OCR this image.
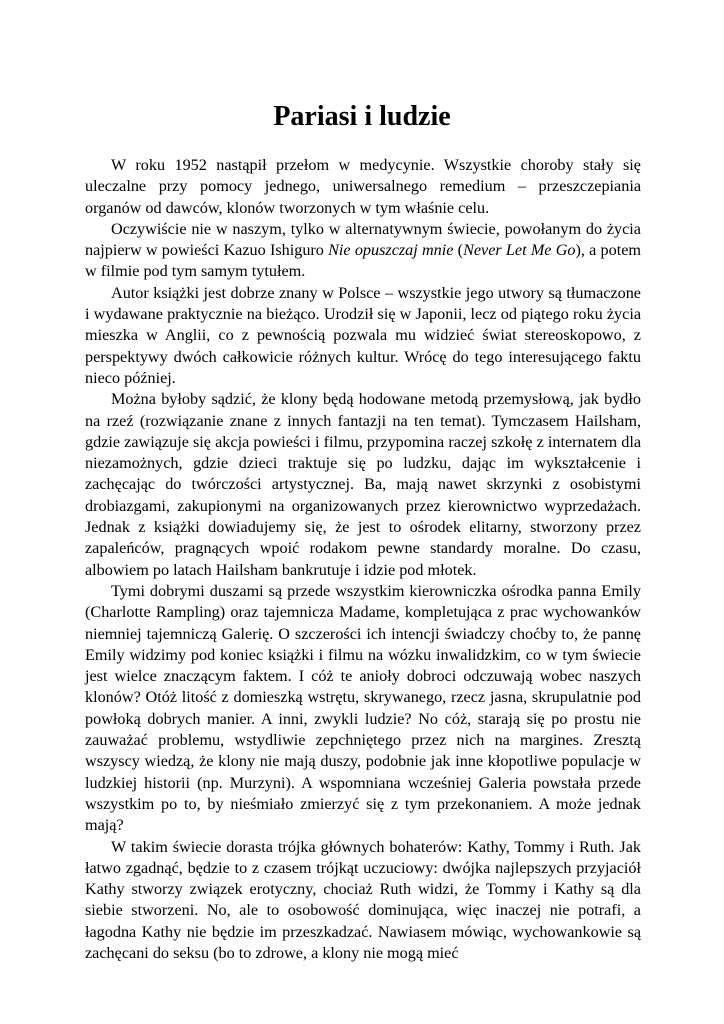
Pariasi i ludzie

W roku 1952 nastąpił przełom w medycynie. Wszystkie choroby stały się uleczalne przy pomocy jednego, uniwersalnego remedium – przeszczepiania organów od dawców, klonów tworzonych w tym właśnie celu.

Oczywiście nie w naszym, tylko w alternatywnym świecie, powołanym do życia najpierw w powieści Kazuo Ishiguro Nie opuszczaj mnie (Never Let Me Go), a potem w filmie pod tym samym tytułem.

Autor książki jest dobrze znany w Polsce – wszystkie jego utwory są tłumaczone i wydawane praktycznie na bieżąco. Urodził się w Japonii, lecz od piątego roku życia mieszka w Anglii, co z pewnością pozwala mu widzieć świat stereoskopowo, z perspektywy dwóch całkowicie różnych kultur. Wrócę do tego interesującego faktu nieco później.

Można byłoby sądzić, że klony będą hodowane metodą przemysłową, jak bydło na rzeź (rozwiązanie znane z innych fantazji na ten temat). Tymczasem Hailsham, gdzie zawiązuje się akcja powieści i filmu, przypomina raczej szkołę z internatem dla niezamożnych, gdzie dzieci traktuje się po ludzku, dając im wykształcenie i zachęcając do twórczości artystycznej. Ba, mają nawet skrzynki z osobistymi drobiazgami, zakupionymi na organizowanych przez kierownictwo wyprzedażach. Jednak z książki dowiadujemy się, że jest to ośrodek elitarny, stworzony przez zapaleńców, pragnących wpoić rodakom pewne standardy moralne. Do czasu, albowiem po latach Hailsham bankrutuje i idzie pod młotek.

Tymi dobrymi duszami są przede wszystkim kierowniczka ośrodka panna Emily (Charlotte Rampling) oraz tajemnicza Madame, kompletująca z prac wychowanków niemniej tajemniczą Galerię. O szczerości ich intencji świadczy choćby to, że pannę Emily widzimy pod koniec książki i filmu na wózku inwalidzkim, co w tym świecie jest wielce znaczącym faktem. I cóż te anioły dobroci odczuwają wobec naszych klonów? Otóż litość z domieszką wstrętu, skrywanego, rzecz jasna, skrupulatnie pod powłoką dobrych manier. A inni, zwykli ludzie? No cóż, starają się po prostu nie zauważać problemu, wstydliwie zepchniętego przez nich na margines. Zresztą wszyscy wiedzą, że klony nie mają duszy, podobnie jak inne kłopotliwe populacje w ludzkiej historii (np. Murzyni). A wspomniana wcześniej Galeria powstała przede wszystkim po to, by nieśmiało zmierzyć się z tym przekonaniem. A może jednak mają?

W takim świecie dorasta trójka głównych bohaterów: Kathy, Tommy i Ruth. Jak łatwo zgadnąć, będzie to z czasem trójkąt uczuciowy: dwójka najlepszych przyjaciół Kathy stworzy związek erotyczny, chociaż Ruth widzi, że Tommy i Kathy są dla siebie stworzeni. No, ale to osobowość dominująca, więc inaczej nie potrafi, a łagodna Kathy nie będzie im przeszkadzać. Nawiasem mówiąc, wychowankowie są zachęcani do seksu (bo to zdrowe, a klony nie mogą mieć
